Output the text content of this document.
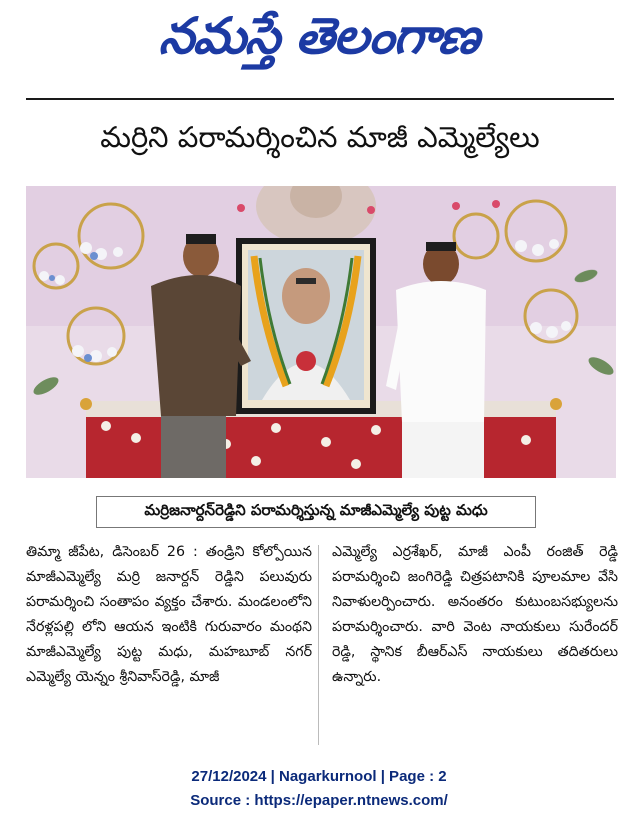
నమస్తే తెలంగాణ
మర్రిని పరామర్శించిన మాజీ ఎమ్మెల్యేలు
మర్రిజనార్దన్‌రెడ్డిని పరామర్శిస్తున్న మాజీఎమ్మెల్యే పుట్ట మధు

తిమ్మా జీపేట, డిసెంబర్ 26 : తండ్రిని కోల్పోయిన మాజీఎమ్మెల్యే మర్రి జనార్దన్ రెడ్డిని పలువురు పరామర్శించి సంతాపం వ్యక్తం చేశారు. మండలంలోని నేరళ్లపల్లి లోని ఆయన ఇంటికి గురువారం మంథని మాజీఎమ్మెల్యే పుట్ట మధు, మహబూబ్ నగర్ ఎమ్మెల్యే యెన్నం శ్రీనివాస్‌రెడ్డి, మాజీ

ఎమ్మెల్యే ఎర్రశేఖర్, మాజీ ఎంపీ రంజిత్ రెడ్డి పరామర్శించి జంగిరెడ్డి చిత్రపటానికి పూలమాల వేసి నివాళులర్పించారు. అనంతరం కుటుంబసభ్యులను పరామర్శించారు. వారి వెంట నాయకులు సురేందర్ రెడ్డి, స్థానిక బీఆర్‌ఎస్ నాయకులు తదితరులు ఉన్నారు.

27/12/2024 | Nagarkurnool | Page : 2
Source : https://epaper.ntnews.com/
